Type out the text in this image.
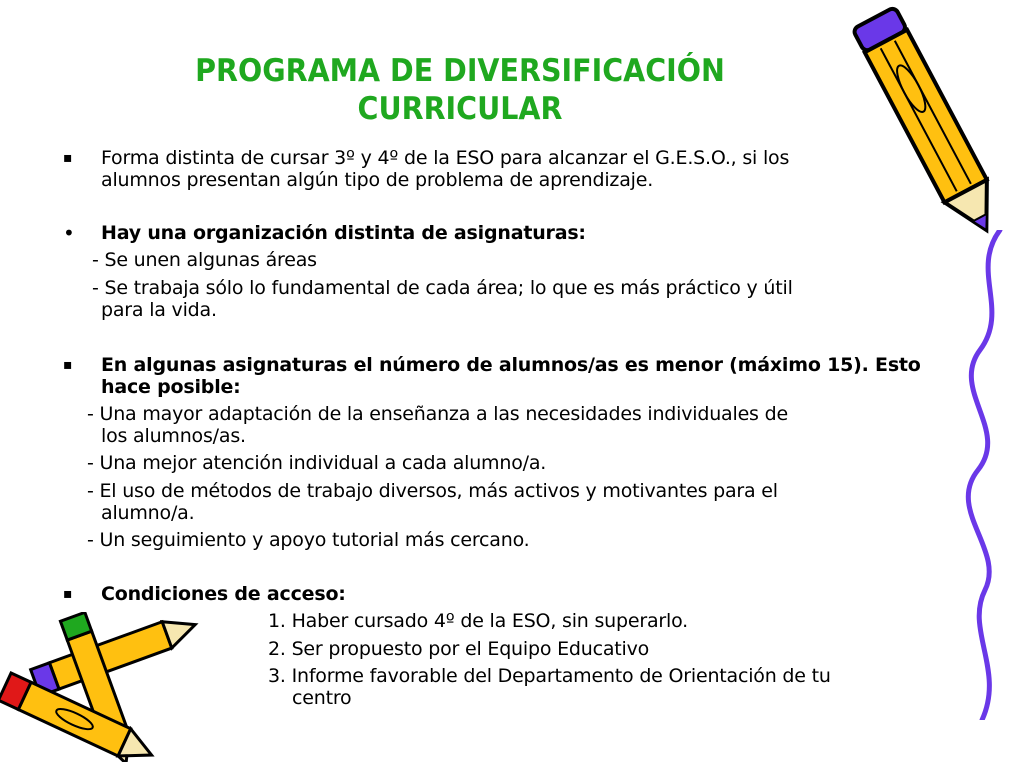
PROGRAMA DE DIVERSIFICACIÓN
CURRICULAR
▪ Forma distinta de cursar 3º y 4º de la ESO para alcanzar el G.E.S.O., si los
alumnos presentan algún tipo de problema de aprendizaje.
• Hay una organización distinta de asignaturas:
- Se unen algunas áreas
- Se trabaja sólo lo fundamental de cada área; lo que es más práctico y útil
para la vida.
▪ En algunas asignaturas el número de alumnos/as es menor (máximo 15). Esto
hace posible:
- Una mayor adaptación de la enseñanza a las necesidades individuales de
los alumnos/as.
- Una mejor atención individual a cada alumno/a.
- El uso de métodos de trabajo diversos, más activos y motivantes para el
alumno/a.
- Un seguimiento y apoyo tutorial más cercano.
▪ Condiciones de acceso:
1. Haber cursado 4º de la ESO, sin superarlo.
2. Ser propuesto por el Equipo Educativo
3. Informe favorable del Departamento de Orientación de tu
centro
